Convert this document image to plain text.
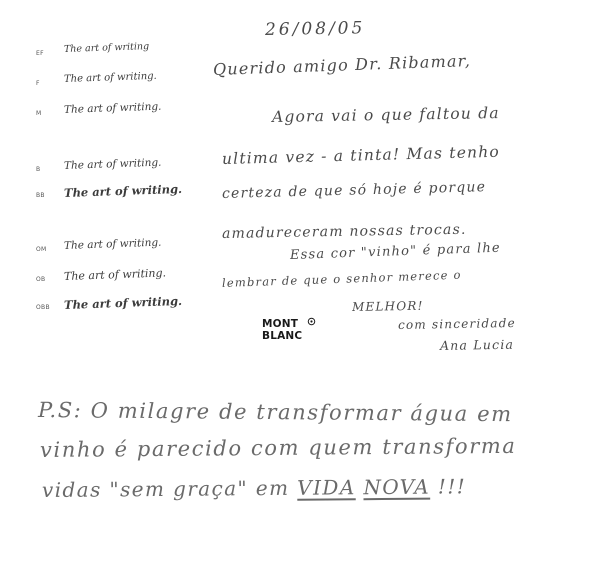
EF The art of writing
F The art of writing.
M The art of writing.
B The art of writing.
BB The art of writing.
OM The art of writing.
OB The art of writing.
OBB The art of writing.
26/08/05
Querido amigo Dr. Ribamar,
Agora vai o que faltou da
ultima vez - a tinta! Mas tenho
certeza de que só hoje é porque
amadureceram nossas trocas.
Essa cor "vinho" é para lhe
lembrar de que o senhor merece o
MELHOR!
com sinceridade
Ana Lucia
MONT
BLANC
P.S: O milagre de transformar água em
vinho é parecido com quem transforma
vidas "sem graça" em VIDA NOVA !!!
